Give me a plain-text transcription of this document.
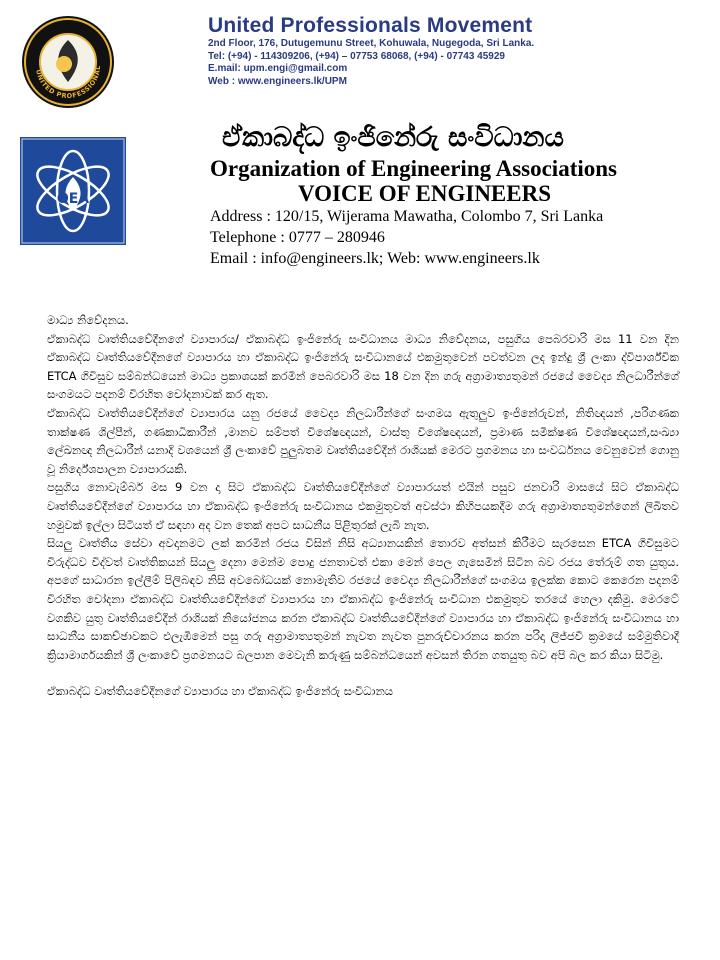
UNITED PROFESSIONAL
United Professionals Movement
2nd Floor, 176, Dutugemunu Street, Kohuwala, Nugegoda, Sri Lanka.
Tel: (+94) - 114309206, (+94) – 07753 68068, (+94) - 07743 45929
E.mail: upm.engi@gmail.com
Web : www.engineers.lk/UPM
OEA
ඒකාබද්ධ ඉංජිනේරු සංවිධානය
Organization of Engineering Associations
VOICE OF ENGINEERS
Address : 120/15, Wijerama Mawatha, Colombo 7, Sri Lanka
Telephone : 0777 – 280946
Email : info@engineers.lk; Web: www.engineers.lk

මාධ්‍ය නිවේදනය.

ඒකාබද්ධ වෘත්තියවේදීනගේ ව්‍යාපාරය/ ඒකාබද්ධ ඉංජිනේරු සංවිධානය මාධ්‍ය නිවේදනය, පසුගිය පෙබරවාරි මස 11 වන දින ඒකාබද්ධ වෘත්තියවේදීනගේ ව්‍යාපාරය හා ඒකාබද්ධ ඉංජිනේරු සංවිධානයේ එකමුතුවෙන් පවත්වන ලද ඉන්දු ශ්‍රී ලංකා ද්විපාර්ශ්වික ETCA ගිවිසුව සම්බන්ධයෙන් මාධ්‍ය ප්‍රකාශයක් කරමින් පෙබරවාරි මස 18 වන දින ගරු අග්‍රාමාත්‍යතුමන් රජයේ වෛද්‍ය නිලධාරීන්ගේ සංගමයට පදනම් විරහිත චෝදනාවක් කර ඇත.

ඒකාබද්ධ වෘත්තියවේදීන්ගේ ව්‍යාපාරය යනු රජයේ වෛද්‍ය නිලධාරීන්ගේ සංගමය ඇතුලුව ඉංජිනේරුවන්, නිතිඥයන් ,පරිගණක තාක්ෂණ ශිල්පීන්, ගණකාධිකාරීන් ,මානව සම්පත් විශේෂඥයන්, වාස්තු විශේෂඥයන්, ප්‍රමාණ සමීක්ෂණ විශේෂඥයන්,සංඛ්‍යා ලේඛනඥ නිලධාරීන් යනාදි වශයෙන් ශ්‍රී ලංකාවේ පුලුබතම වෘත්තියවේදීන් රාශියක් මෙරට ප්‍රගමනය හා සංවර්ධනය වෙනුවෙන් ගොනු වූ නිර්දේශපාලන ව්‍යාපාරයකි.

පසුගිය නොවැම්බර් මස 9 වන දා සිට ඒකාබද්ධ වෘත්තියවේදීන්ගේ ව්‍යාපාරයත් එයින් පසුව ජනවාරි මාසයේ සිට ඒකාබද්ධ වෘත්තියවේදීන්ගේ ව්‍යාපාරය හා ඒකාබද්ධ ඉංජිනේරු සංවිධානය එකමුතුවත් අවස්ථා කිහිපයකදීම ගරු අග්‍රාමාත්‍යතුමන්ගෙන් ලිඛිතව හමුවක් ඉල්ලා සිටියත් ඒ සඳහා අද වන තෙක් අපට සාධනීය පිළිතුරක් ලැබී නැත.

සියලු වෘත්තීය සේවා අවදානමට ලක් කරමින් රජය විසින් නිසි අධ්‍යානයකින් තොරව අත්සන් කිරීමට සැරසෙන ETCA ගිවිසුමට විරුද්ධව විද්වත් වෘත්තිකයන් සියලු දෙනා මෙන්ම පොදු ජනතාවත් එකා මෙන් පෙල ගැසෙමින් සිටින බව රජය තේරුම් ගත යුතුය. අපගේ සාධාරන ඉල්ලීම් පිලිබඳව නිසි අවබෝධයක් නොමැතිව රජයේ වෛද්‍ය නිලධාරීන්ගේ සංගමය ඉලක්ක කොට කෙරෙන පදනම් විරහිත චෝදනා ඒකාබද්ධ වෘත්තියවේදීන්ගේ ව්‍යාපාරය හා ඒකාබද්ධ ඉංජිනේරු සංවිධාන එකමුතුව තරයේ හෙලා දකිමු. මෙරටේ වගකිව යුතු වෘත්තියවේදීන් රාශියක් නියෝජනය කරන ඒකාබද්ධ වෘත්තියවේදීන්ගේ ව්‍යාපාරය හා ඒකාබද්ධ ඉංජිනේරු සංවිධානය හා සාධනීය සාකච්ඡාවකට එලැඹීමෙන් පසු ගරු අග්‍රාමාත්‍යතුමන් නැවත නැවත පුනරුච්චාරනය කරන පරිදා ලිජ්ජවී ක්‍රමයේ සම්මුතිවාදී ක්‍රියාමාර්ගයකින් ශ්‍රී ලංකාවේ ප්‍රගමනයට බලපාන මෙවැනි කරුණු සම්බන්ධයෙන් අවසන් තිරන ගතයුතු බව අපි බල කර කියා සිටිමු.

ඒකාබද්ධ වෘත්තියවේදීනගේ ව්‍යාපාරය හා ඒකාබද්ධ ඉංජිනේරු සංවිධානය
